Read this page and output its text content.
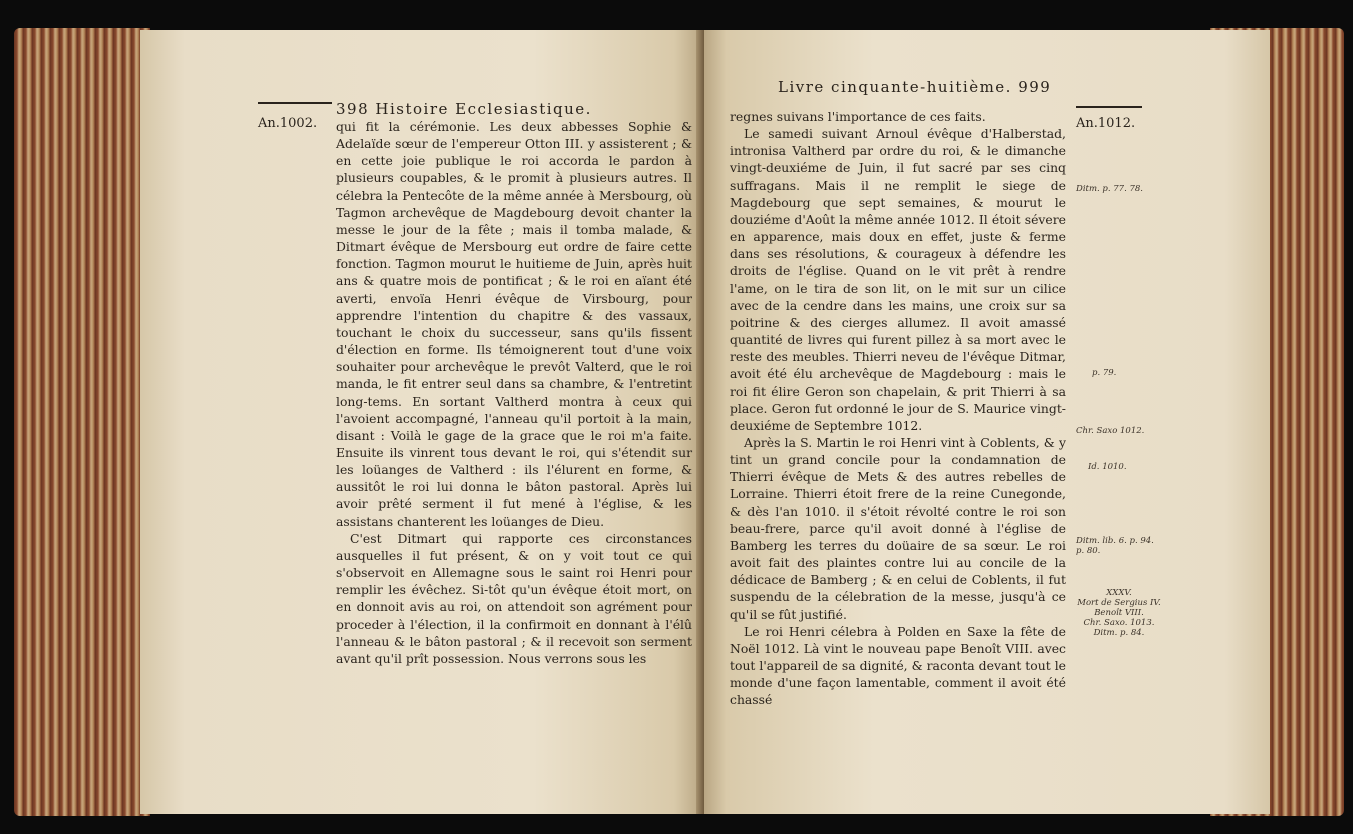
An.1002.
398 Histoire Ecclesiastique.

qui fit la cérémonie. Les deux abbesses Sophie & Adelaïde sœur de l'empereur Otton III. y assisterent ; & en cette joie publique le roi accorda le pardon à plusieurs coupables, & le promit à plusieurs autres. Il célebra la Pentecôte de la même année à Mersbourg, où Tagmon archevêque de Magdebourg devoit chanter la messe le jour de la fête ; mais il tomba malade, & Ditmart évêque de Mersbourg eut ordre de faire cette fonction. Tagmon mourut le huitieme de Juin, après huit ans & quatre mois de pontificat ; & le roi en aïant été averti, envoïa Henri évêque de Virsbourg, pour apprendre l'intention du chapitre & des vassaux, touchant le choix du successeur, sans qu'ils fissent d'élection en forme. Ils témoignerent tout d'une voix souhaiter pour archevêque le prevôt Valterd, que le roi manda, le fit entrer seul dans sa chambre, & l'entretint long-tems. En sortant Valtherd montra à ceux qui l'avoient accompagné, l'anneau qu'il portoit à la main, disant : Voilà le gage de la grace que le roi m'a faite. Ensuite ils vinrent tous devant le roi, qui s'étendit sur les loüanges de Valtherd : ils l'élurent en forme, & aussitôt le roi lui donna le bâton pastoral. Après lui avoir prêté serment il fut mené à l'église, & les assistans chanterent les loüanges de Dieu.

C'est Ditmart qui rapporte ces circonstances ausquelles il fut présent, & on y voit tout ce qui s'observoit en Allemagne sous le saint roi Henri pour remplir les évêchez. Si-tôt qu'un évêque étoit mort, on en donnoit avis au roi, on attendoit son agrément pour proceder à l'élection, il la confirmoit en donnant à l'élû l'anneau & le bâton pastoral ; & il recevoit son serment avant qu'il prît possession. Nous verrons sous les

Livre cinquante-huitième. 999
An.1012.

regnes suivans l'importance de ces faits.

Le samedi suivant Arnoul évêque d'Halberstad, intronisa Valtherd par ordre du roi, & le dimanche vingt-deuxiéme de Juin, il fut sacré par ses cinq suffragans. Mais il ne remplit le siege de Magdebourg que sept semaines, & mourut le douziéme d'Août la même année 1012. Il étoit sévere en apparence, mais doux en effet, juste & ferme dans ses résolutions, & courageux à défendre les droits de l'église. Quand on le vit prêt à rendre l'ame, on le tira de son lit, on le mit sur un cilice avec de la cendre dans les mains, une croix sur sa poitrine & des cierges allumez. Il avoit amassé quantité de livres qui furent pillez à sa mort avec le reste des meubles. Thierri neveu de l'évêque Ditmar, avoit été élu archevêque de Magdebourg : mais le roi fit élire Geron son chapelain, & prit Thierri à sa place. Geron fut ordonné le jour de S. Maurice vingt-deuxiéme de Septembre 1012.

Après la S. Martin le roi Henri vint à Coblents, & y tint un grand concile pour la condamnation de Thierri évêque de Mets & des autres rebelles de Lorraine. Thierri étoit frere de la reine Cunegonde, & dès l'an 1010. il s'étoit révolté contre le roi son beau-frere, parce qu'il avoit donné à l'église de Bamberg les terres du doüaire de sa sœur. Le roi avoit fait des plaintes contre lui au concile de la dédicace de Bamberg ; & en celui de Coblents, il fut suspendu de la célebration de la messe, jusqu'à ce qu'il se fût justifié.

Le roi Henri célebra à Polden en Saxe la fête de Noël 1012. Là vint le nouveau pape Benoît VIII. avec tout l'appareil de sa dignité, & raconta devant tout le monde d'une façon lamentable, comment il avoit été chassé

Ditm. p. 77. 78.
p. 79.
Chr. Saxo 1012.
Id. 1010.
Ditm. lib. 6. p. 94. p. 80.
XXXV.
Mort de Sergius IV. Benoît VIII.
Chr. Saxo. 1013.
Ditm. p. 84.
